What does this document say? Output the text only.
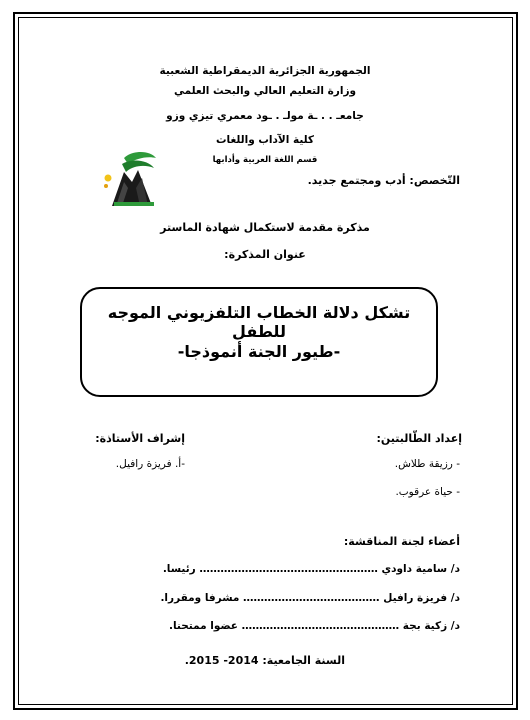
الجمهورية الجزائرية الديمقراطية الشعبية
وزارة التعليم العالي والبحث العلمي
جامعـ . . ـة مولـ . ـود معمري تيزي وزو
كلية الآداب واللغات
قسم اللغة العربية وأدابها
التّخصص: أدب ومجتمع جديد.
مذكرة مقدمة لاستكمال شهادة الماستر
عنوان المذكرة:
تشكل دلالة الخطاب التلفزيوني الموجه للطفل
-طيور الجنة أنموذجا-
إعداد الطّالبتين:
- رزيقة طلاش.
- حياة عرقوب.
إشراف الأستاذة:
-أ. فريزة رافيل.
أعضاء لجنة المناقشة:
د/ سامية داودي …………………………………………… رئيسا.
د/ فريزة رافيل ………………………………… مشرفا ومقررا.
د/ زكية بجة ……………………………………… عضوا ممتحنا.
السنة الجامعية: 2014- 2015.
